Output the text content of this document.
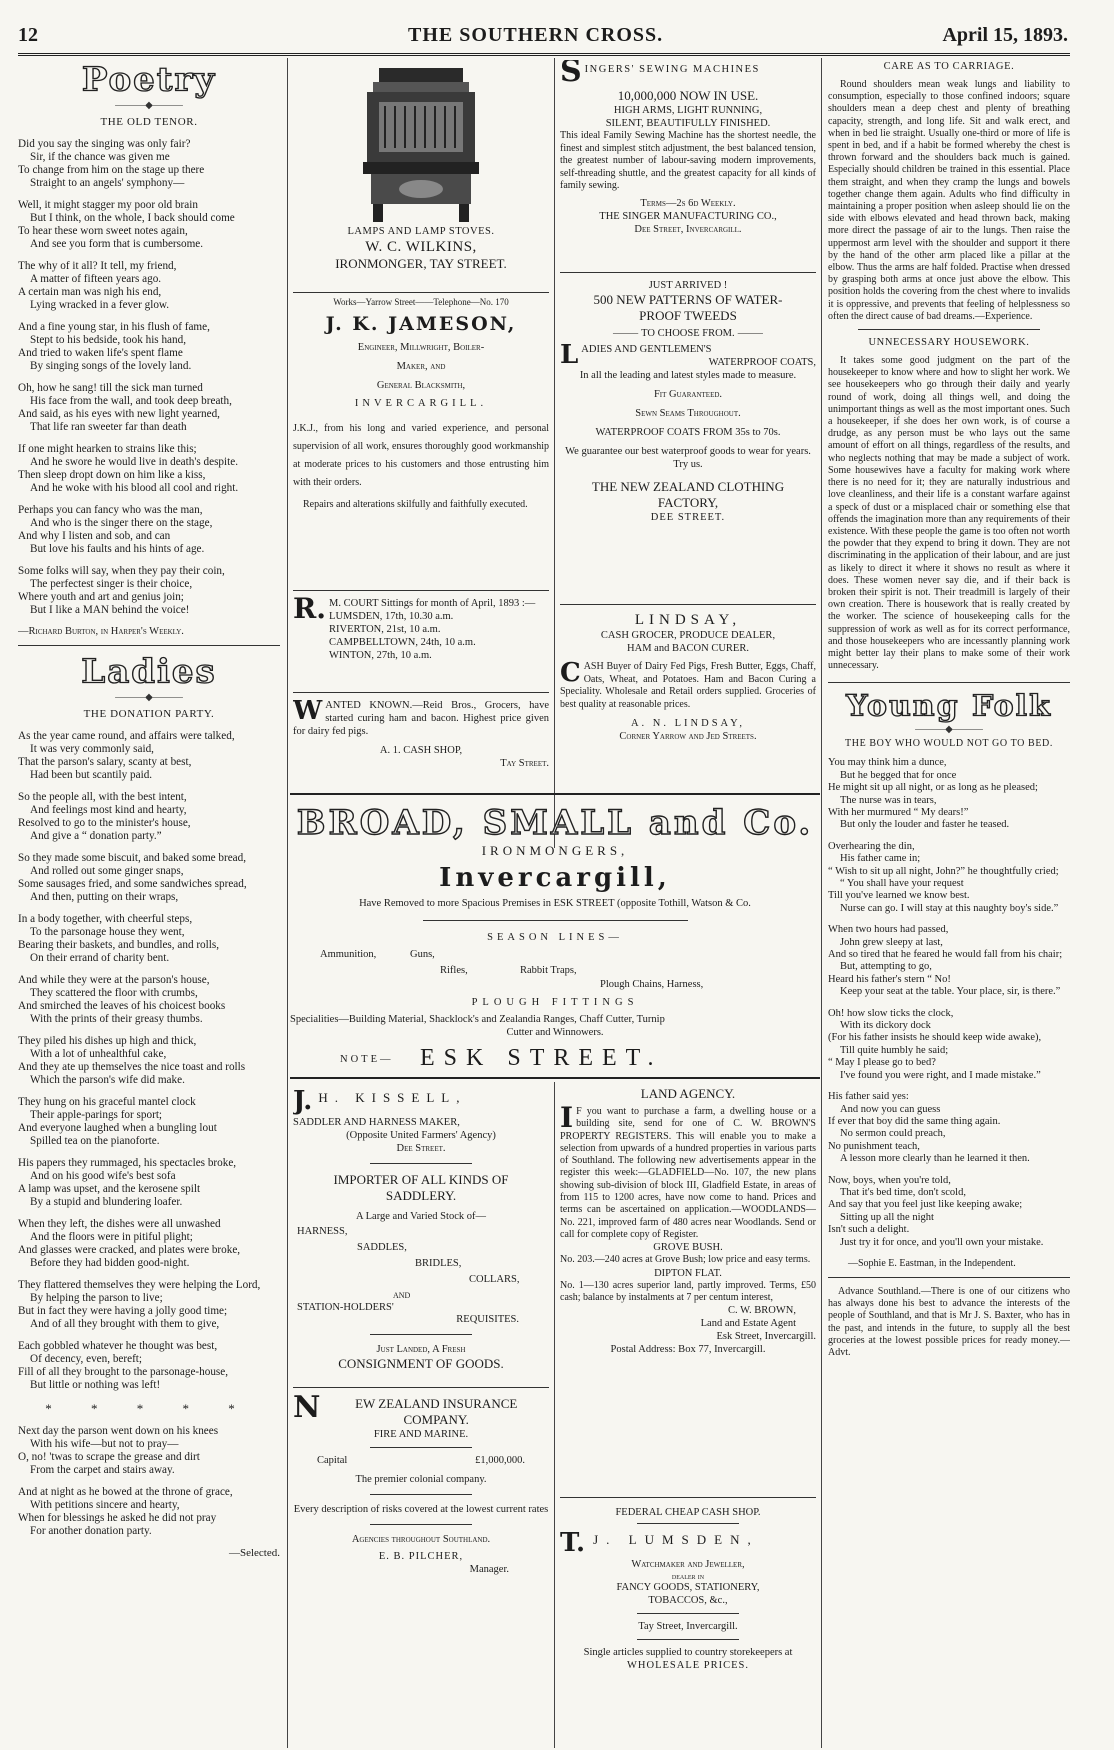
12	THE SOUTHERN CROSS.	April 15, 1893.
Poetry
———◆———
THE OLD TENOR.
Did you say the singing was only fair?
Sir, if the chance was given me
To change from him on the stage up there
Straight to an angels' symphony—
Well, it might stagger my poor old brain
But I think, on the whole, I back should come
To hear these worn sweet notes again,
And see you form that is cumbersome.
The why of it all? It tell, my friend,
A matter of fifteen years ago.
A certain man was nigh his end,
Lying wracked in a fever glow.
And a fine young star, in his flush of fame,
Stept to his bedside, took his hand,
And tried to waken life's spent flame
By singing songs of the lovely land.
Oh, how he sang! till the sick man turned
His face from the wall, and took deep breath,
And said, as his eyes with new light yearned,
That life ran sweeter far than death
If one might hearken to strains like this;
And he swore he would live in death's despite.
Then sleep dropt down on him like a kiss,
And he woke with his blood all cool and right.
Perhaps you can fancy who was the man,
And who is the singer there on the stage,
And why I listen and sob, and can
But love his faults and his hints of age.
Some folks will say, when they pay their coin,
The perfectest singer is their choice,
Where youth and art and genius join;
But I like a MAN behind the voice!
—Richard Burton, in Harper's Weekly.
Ladies
———◆———
THE DONATION PARTY.
As the year came round, and affairs were talked,
It was very commonly said,
That the parson's salary, scanty at best,
Had been but scantily paid.
So the people all, with the best intent,
And feelings most kind and hearty,
Resolved to go to the minister's house,
And give a “ donation party.”
So they made some biscuit, and baked some bread,
And rolled out some ginger snaps,
Some sausages fried, and some sandwiches spread,
And then, putting on their wraps,
In a body together, with cheerful steps,
To the parsonage house they went,
Bearing their baskets, and bundles, and rolls,
On their errand of charity bent.
And while they were at the parson's house,
They scattered the floor with crumbs,
And smirched the leaves of his choicest books
With the prints of their greasy thumbs.
They piled his dishes up high and thick,
With a lot of unhealthful cake,
And they ate up themselves the nice toast and rolls
Which the parson's wife did make.
They hung on his graceful mantel clock
Their apple-parings for sport;
And everyone laughed when a bungling lout
Spilled tea on the pianoforte.
His papers they rummaged, his spectacles broke,
And on his good wife's best sofa
A lamp was upset, and the kerosene spilt
By a stupid and blundering loafer.
When they left, the dishes were all unwashed
And the floors were in pitiful plight;
And glasses were cracked, and plates were broke,
Before they had bidden good-night.
They flattered themselves they were helping the Lord,
By helping the parson to live;
But in fact they were having a jolly good time;
And of all they brought with them to give,
Each gobbled whatever he thought was best,
Of decency, even, bereft;
Fill of all they brought to the parsonage-house,
But little or nothing was left!
* * * * *
Next day the parson went down on his knees
With his wife—but not to pray—
O, no! 'twas to scrape the grease and dirt
From the carpet and stairs away.
And at night as he bowed at the throne of grace,
With petitions sincere and hearty,
When for blessings he asked he did not pray
For another donation party.
—Selected.
LAMPS AND LAMP STOVES.
W. C. WILKINS,
IRONMONGER, TAY STREET.
Works—Yarrow Street——Telephone—No. 170
J. K. JAMESON,
Engineer, Millwright, Boiler-
Maker, and
General Blacksmith,
INVERCARGILL.
J.K.J., from his long and varied experience, and personal supervision of all work, ensures thoroughly good workmanship at moderate prices to his customers and those entrusting him with their orders.
Repairs and alterations skilfully and faithfully executed.
R. M. COURT Sittings for month of April, 1893 :—
LUMSDEN, 17th, 10.30 a.m.
RIVERTON, 21st, 10 a.m.
CAMPBELLTOWN, 24th, 10 a.m.
WINTON, 27th, 10 a.m.
W ANTED KNOWN.—Reid Bros., Grocers, have started curing ham and bacon. Highest price given for dairy fed pigs.
A. 1. CASH SHOP,
Tay Street.
S INGERS' SEWING MACHINES
10,000,000 NOW IN USE.
HIGH ARMS, LIGHT RUNNING,
SILENT, BEAUTIFULLY FINISHED.
This ideal Family Sewing Machine has the shortest needle, the finest and simplest stitch adjustment, the best balanced tension, the greatest number of labour-saving modern improvements, self-threading shuttle, and the greatest capacity for all kinds of family sewing.
Terms—2s 6d Weekly.
THE SINGER MANUFACTURING CO.,
Dee Street, Invercargill.
JUST ARRIVED !
500 NEW PATTERNS OF WATER-
PROOF TWEEDS
⸻ TO CHOOSE FROM. ⸻
L ADIES AND GENTLEMEN'S
WATERPROOF COATS,
In all the leading and latest styles made to measure.
Fit Guaranteed.
Sewn Seams Throughout.
WATERPROOF COATS FROM 35s to 70s.
We guarantee our best waterproof goods to wear for years. Try us.
THE NEW ZEALAND CLOTHING
FACTORY,
DEE STREET.
LINDSAY,
CASH GROCER, PRODUCE DEALER,
HAM and BACON CURER.
C ASH Buyer of Dairy Fed Pigs, Fresh Butter, Eggs, Chaff, Oats, Wheat, and Potatoes. Ham and Bacon Curing a Speciality. Wholesale and Retail orders supplied. Groceries of best quality at reasonable prices.
A. N. LINDSAY,
Corner Yarrow and Jed Streets.
BROAD, SMALL and Co.
IRONMONGERS,
Invercargill,
Have Removed to more Spacious Premises in ESK STREET (opposite Tothill, Watson & Co.
SEASON LINES—
Ammunition,	Guns,
Rifles,	Rabbit Traps,
Plough Chains, Harness,
PLOUGH FITTINGS
Specialities—Building Material, Shacklock's and Zealandia Ranges, Chaff Cutter, Turnip
Cutter and Winnowers.
NOTE— ESK STREET.
J. H. KISSELL,
SADDLER AND HARNESS MAKER,
(Opposite United Farmers' Agency)
Dee Street.
IMPORTER OF ALL KINDS OF
SADDLERY.
A Large and Varied Stock of—
HARNESS,
SADDLES,
BRIDLES,
COLLARS,
AND
STATION-HOLDERS'
REQUISITES.
Just Landed, A Fresh
CONSIGNMENT OF GOODS.
N	EW ZEALAND INSURANCE
COMPANY.
FIRE AND MARINE.
Capital	£1,000,000.
The premier colonial company.
Every description of risks covered at the lowest current rates
Agencies throughout Southland.
E. B. PILCHER,
Manager.
LAND AGENCY.
I F you want to purchase a farm, a dwelling house or a building site, send for one of C. W. BROWN'S PROPERTY REGISTERS. This will enable you to make a selection from upwards of a hundred properties in various parts of Southland. The following new advertisements appear in the register this week:—GLADFIELD—No. 107, the new plans showing sub-division of block III, Gladfield Estate, in areas of from 115 to 1200 acres, have now come to hand. Prices and terms can be ascertained on application.—WOODLANDS—No. 221, improved farm of 480 acres near Woodlands. Send or call for complete copy of Register.
GROVE BUSH.
No. 203.—240 acres at Grove Bush; low price and easy terms.
DIPTON FLAT.
No. 1—130 acres superior land, partly improved. Terms, £50 cash; balance by instalments at 7 per centum interest,
C. W. BROWN,
Land and Estate Agent
Esk Street, Invercargill.
Postal Address: Box 77, Invercargill.
FEDERAL CHEAP CASH SHOP.
T. J. LUMSDEN,
Watchmaker and Jeweller,
dealer in
FANCY GOODS, STATIONERY,
TOBACCOS, &c.,
Tay Street, Invercargill.
Single articles supplied to country storekeepers at
WHOLESALE PRICES.
CARE AS TO CARRIAGE.
Round shoulders mean weak lungs and liability to consumption, especially to those confined indoors; square shoulders mean a deep chest and plenty of breathing capacity, strength, and long life. Sit and walk erect, and when in bed lie straight. Usually one-third or more of life is spent in bed, and if a habit be formed whereby the chest is thrown forward and the shoulders back much is gained. Especially should children be trained in this essential. Place them straight, and when they cramp the lungs and bowels together change them again. Adults who find difficulty in maintaining a proper position when asleep should lie on the side with elbows elevated and head thrown back, making more direct the passage of air to the lungs. Then raise the uppermost arm level with the shoulder and support it there by the hand of the other arm placed like a pillar at the elbow. Thus the arms are half folded. Practise when dressed by grasping both arms at once just above the elbow. This position holds the covering from the chest where to invalids it is oppressive, and prevents that feeling of helplessness so often the direct cause of bad dreams.—Experience.
UNNECESSARY HOUSEWORK.
It takes some good judgment on the part of the housekeeper to know where and how to slight her work. We see housekeepers who go through their daily and yearly round of work, doing all things well, and doing the unimportant things as well as the most important ones. Such a housekeeper, if she does her own work, is of course a drudge, as any person must be who lays out the same amount of effort on all things, regardless of the results, and who neglects nothing that may be made a subject of work. Some housewives have a faculty for making work where there is no need for it; they are naturally industrious and love cleanliness, and their life is a constant warfare against a speck of dust or a misplaced chair or something else that offends the imagination more than any requirements of their existence. With these people the game is too often not worth the powder that they expend to bring it down. They are not discriminating in the application of their labour, and are just as likely to direct it where it shows no result as where it does. These women never say die, and if their back is broken their spirit is not. Their treadmill is largely of their own creation. There is housework that is really created by the worker. The science of housekeeping calls for the suppression of work as well as for its correct performance, and those housekeepers who are incessantly planning work might better lay their plans to make some of their work unnecessary.
Young Folk
———◆———
THE BOY WHO WOULD NOT GO TO BED.
You may think him a dunce,
But he begged that for once
He might sit up all night, or as long as he pleased;
The nurse was in tears,
With her murmured “ My dears!”
But only the louder and faster he teased.
Overhearing the din,
His father came in;
“ Wish to sit up all night, John?” he thoughtfully cried;
“ You shall have your request
Till you've learned we know best.
Nurse can go. I will stay at this naughty boy's side.”
When two hours had passed,
John grew sleepy at last,
And so tired that he feared he would fall from his chair;
But, attempting to go,
Heard his father's stern “ No!
Keep your seat at the table. Your place, sir, is there.”
Oh! how slow ticks the clock,
With its dickory dock
(For his father insists he should keep wide awake),
Till quite humbly he said;
“ May I please go to bed?
I've found you were right, and I made mistake.”
His father said yes:
And now you can guess
If ever that boy did the same thing again.
No sermon could preach,
No punishment teach,
A lesson more clearly than he learned it then.
Now, boys, when you're told,
That it's bed time, don't scold,
And say that you feel just like keeping awake;
Sitting up all the night
Isn't such a delight.
Just try it for once, and you'll own your mistake.
—Sophie E. Eastman, in the Independent.
Advance Southland.—There is one of our citizens who has always done his best to advance the interests of the people of Southland, and that is Mr J. S. Baxter, who has in the past, and intends in the future, to supply all the best groceries at the lowest possible prices for ready money.—Advt.
